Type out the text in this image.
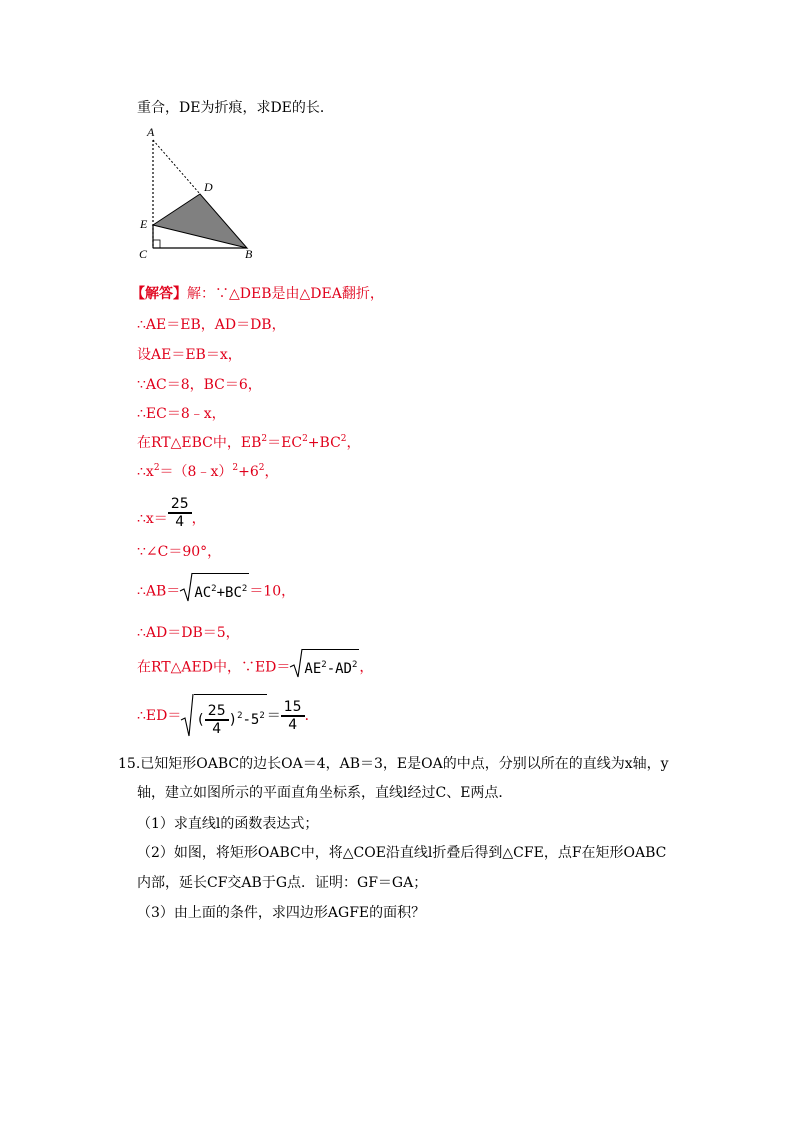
重合，DE为折痕，求DE的长．
A
D
E
C	B
【解答】解：∵△DEB是由△DEA翻折，
∴AE＝EB，AD＝DB，
设AE＝EB＝x，
∵AC＝8，BC＝6，
∴EC＝8﹣x，
在RT△EBC中，$EB^2=EC^2+BC^2$，
$\therefore x^2=(8﹣x)^2+6^2$，
∴x＝ $\frac{25}{4}$ ，
∵∠C＝90°，
∴AB＝ $AC^2+BC^2 =10$，
∴AD＝DB＝5，
在RT△AED中，∵ED＝ $AE^2-AD^2$ ，
∴ED＝ ( $\frac{25}{4} )^2-5^2 = \frac{15}{4}$ ．
15.已知矩形OABC的边长OA＝4，AB＝3，E是OA的中点，分别以所在的直线为x轴，y
轴，建立如图所示的平面直角坐标系，直线l经过C、E两点．
（1）求直线l的函数表达式；
（2）如图，将矩形OABC中，将△COE沿直线l折叠后得到△CFE，点F在矩形OABC
内部，延长CF交AB于G点．证明：GF＝GA；
（3）由上面的条件，求四边形AGFE的面积？
